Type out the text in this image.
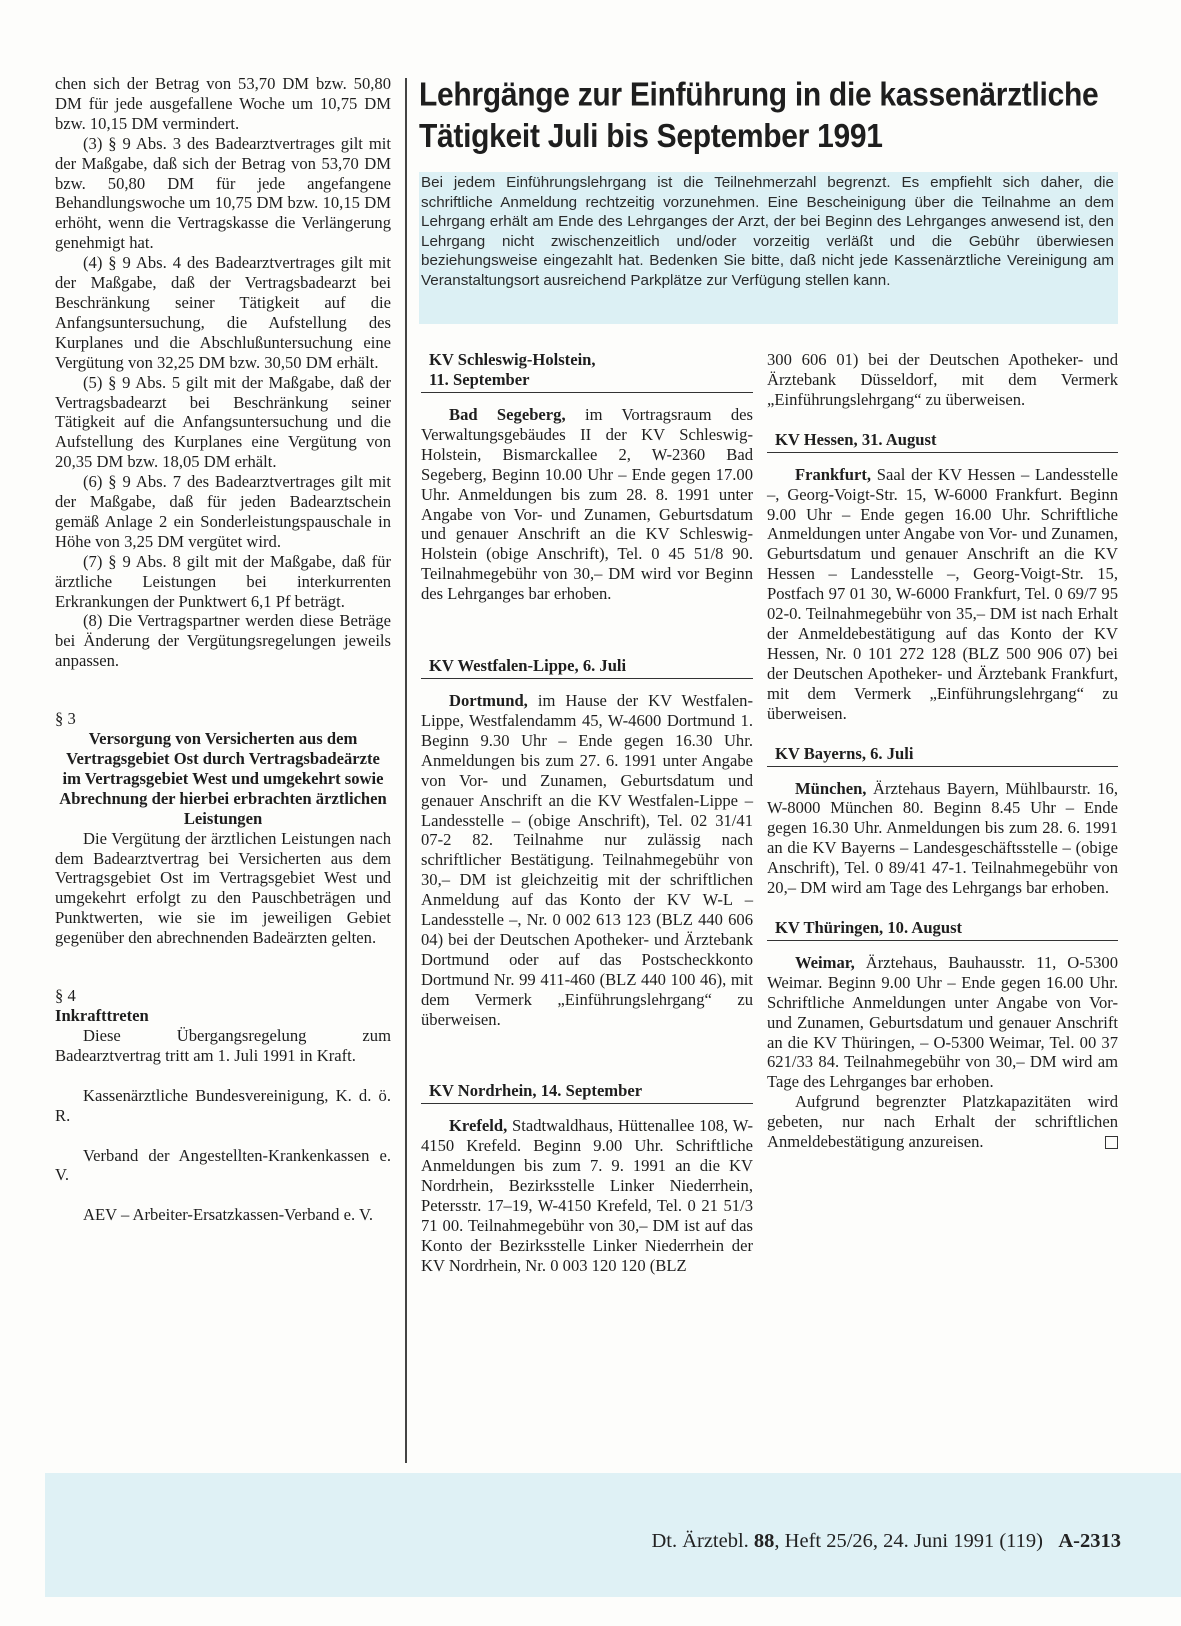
chen sich der Betrag von 53,70 DM bzw. 50,80 DM für jede ausgefallene Woche um 10,75 DM bzw. 10,15 DM vermindert.

(3) § 9 Abs. 3 des Badearztvertrages gilt mit der Maßgabe, daß sich der Betrag von 53,70 DM bzw. 50,80 DM für jede angefangene Behandlungswoche um 10,75 DM bzw. 10,15 DM erhöht, wenn die Vertragskasse die Verlängerung genehmigt hat.

(4) § 9 Abs. 4 des Badearztvertrages gilt mit der Maßgabe, daß der Vertragsbadearzt bei Beschränkung seiner Tätigkeit auf die Anfangsuntersuchung, die Aufstellung des Kurplanes und die Abschlußuntersuchung eine Vergütung von 32,25 DM bzw. 30,50 DM erhält.

(5) § 9 Abs. 5 gilt mit der Maßgabe, daß der Vertragsbadearzt bei Beschränkung seiner Tätigkeit auf die Anfangsuntersuchung und die Aufstellung des Kurplanes eine Vergütung von 20,35 DM bzw. 18,05 DM erhält.

(6) § 9 Abs. 7 des Badearztvertrages gilt mit der Maßgabe, daß für jeden Badearztschein gemäß Anlage 2 ein Sonderleistungspauschale in Höhe von 3,25 DM vergütet wird.

(7) § 9 Abs. 8 gilt mit der Maßgabe, daß für ärztliche Leistungen bei interkurrenten Erkrankungen der Punktwert 6,1 Pf beträgt.

(8) Die Vertragspartner werden diese Beträge bei Änderung der Vergütungsregelungen jeweils anpassen.

§ 3

Versorgung von Versicherten aus dem Vertragsgebiet Ost durch Vertragsbadeärzte im Vertragsgebiet West und umgekehrt sowie Abrechnung der hierbei erbrachten ärztlichen Leistungen

Die Vergütung der ärztlichen Leistungen nach dem Badearztvertrag bei Versicherten aus dem Vertragsgebiet Ost im Vertragsgebiet West und umgekehrt erfolgt zu den Pauschbeträgen und Punktwerten, wie sie im jeweiligen Gebiet gegenüber den abrechnenden Badeärzten gelten.

§ 4

Inkrafttreten

Diese Übergangsregelung zum Badearztvertrag tritt am 1. Juli 1991 in Kraft.

Kassenärztliche Bundesvereinigung, K. d. ö. R.

Verband der Angestellten-Krankenkassen e. V.

AEV – Arbeiter-Ersatzkassen-Verband e. V.

Lehrgänge zur Einführung in die kassenärztliche Tätigkeit Juli bis September 1991

Bei jedem Einführungslehrgang ist die Teilnehmerzahl begrenzt. Es empfiehlt sich daher, die schriftliche Anmeldung rechtzeitig vorzunehmen. Eine Bescheinigung über die Teilnahme an dem Lehrgang erhält am Ende des Lehrganges der Arzt, der bei Beginn des Lehrganges anwesend ist, den Lehrgang nicht zwischenzeitlich und/oder vorzeitig verläßt und die Gebühr überwiesen beziehungsweise eingezahlt hat. Bedenken Sie bitte, daß nicht jede Kassenärztliche Vereinigung am Veranstaltungsort ausreichend Parkplätze zur Verfügung stellen kann.

KV Schleswig-Holstein,
11. September

Bad Segeberg, im Vortragsraum des Verwaltungsgebäudes II der KV Schleswig-Holstein, Bismarckallee 2, W-2360 Bad Segeberg, Beginn 10.00 Uhr – Ende gegen 17.00 Uhr. Anmeldungen bis zum 28. 8. 1991 unter Angabe von Vor- und Zunamen, Geburtsdatum und genauer Anschrift an die KV Schleswig-Holstein (obige Anschrift), Tel. 0 45 51/8 90. Teilnahmegebühr von 30,– DM wird vor Beginn des Lehrganges bar erhoben.

KV Westfalen-Lippe, 6. Juli

Dortmund, im Hause der KV Westfalen-Lippe, Westfalendamm 45, W-4600 Dortmund 1. Beginn 9.30 Uhr – Ende gegen 16.30 Uhr. Anmeldungen bis zum 27. 6. 1991 unter Angabe von Vor- und Zunamen, Geburtsdatum und genauer Anschrift an die KV Westfalen-Lippe – Landesstelle – (obige Anschrift), Tel. 02 31/41 07-2 82. Teilnahme nur zulässig nach schriftlicher Bestätigung. Teilnahmegebühr von 30,– DM ist gleichzeitig mit der schriftlichen Anmeldung auf das Konto der KV W-L – Landesstelle –, Nr. 0 002 613 123 (BLZ 440 606 04) bei der Deutschen Apotheker- und Ärztebank Dortmund oder auf das Postscheckkonto Dortmund Nr. 99 411-460 (BLZ 440 100 46), mit dem Vermerk „Einführungslehrgang“ zu überweisen.

KV Nordrhein, 14. September

Krefeld, Stadtwaldhaus, Hüttenallee 108, W-4150 Krefeld. Beginn 9.00 Uhr. Schriftliche Anmeldungen bis zum 7. 9. 1991 an die KV Nordrhein, Bezirksstelle Linker Niederrhein, Petersstr. 17–19, W-4150 Krefeld, Tel. 0 21 51/3 71 00. Teilnahmegebühr von 30,– DM ist auf das Konto der Bezirksstelle Linker Niederrhein der KV Nordrhein, Nr. 0 003 120 120 (BLZ

300 606 01) bei der Deutschen Apotheker- und Ärztebank Düsseldorf, mit dem Vermerk „Einführungslehrgang“ zu überweisen.

KV Hessen, 31. August

Frankfurt, Saal der KV Hessen – Landesstelle –, Georg-Voigt-Str. 15, W-6000 Frankfurt. Beginn 9.00 Uhr – Ende gegen 16.00 Uhr. Schriftliche Anmeldungen unter Angabe von Vor- und Zunamen, Geburtsdatum und genauer Anschrift an die KV Hessen – Landesstelle –, Georg-Voigt-Str. 15, Postfach 97 01 30, W-6000 Frankfurt, Tel. 0 69/7 95 02-0. Teilnahmegebühr von 35,– DM ist nach Erhalt der Anmeldebestätigung auf das Konto der KV Hessen, Nr. 0 101 272 128 (BLZ 500 906 07) bei der Deutschen Apotheker- und Ärztebank Frankfurt, mit dem Vermerk „Einführungslehrgang“ zu überweisen.

KV Bayerns, 6. Juli

München, Ärztehaus Bayern, Mühlbaurstr. 16, W-8000 München 80. Beginn 8.45 Uhr – Ende gegen 16.30 Uhr. Anmeldungen bis zum 28. 6. 1991 an die KV Bayerns – Landesgeschäftsstelle – (obige Anschrift), Tel. 0 89/41 47-1. Teilnahmegebühr von 20,– DM wird am Tage des Lehrgangs bar erhoben.

KV Thüringen, 10. August

Weimar, Ärztehaus, Bauhausstr. 11, O-5300 Weimar. Beginn 9.00 Uhr – Ende gegen 16.00 Uhr. Schriftliche Anmeldungen unter Angabe von Vor- und Zunamen, Geburtsdatum und genauer Anschrift an die KV Thüringen, – O-5300 Weimar, Tel. 00 37 621/33 84. Teilnahmegebühr von 30,– DM wird am Tage des Lehrganges bar erhoben.

Aufgrund begrenzter Platzkapazitäten wird gebeten, nur nach Erhalt der schriftlichen Anmeldebestätigung anzureisen.

Dt. Ärztebl. 88, Heft 25/26, 24. Juni 1991 (119) A-2313
